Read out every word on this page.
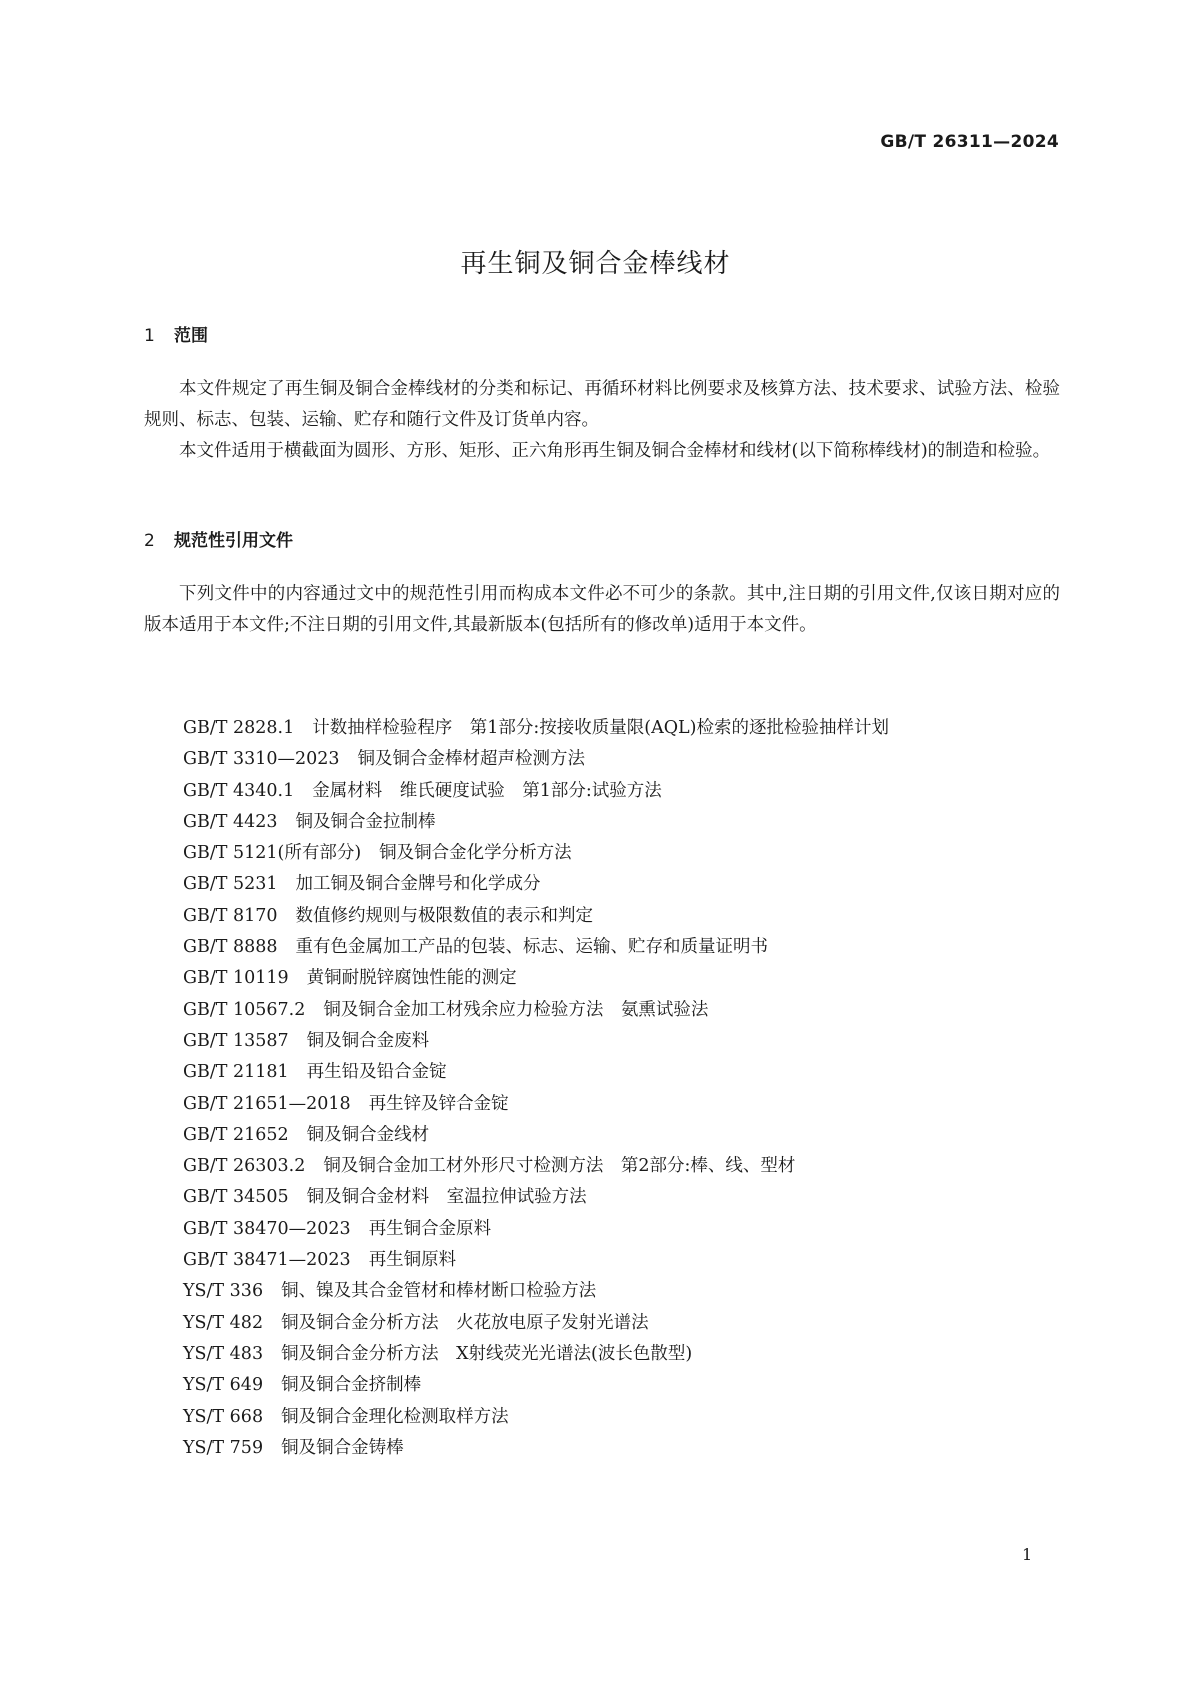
GB/T 26311—2024
再生铜及铜合金棒线材
1 范围

本文件规定了再生铜及铜合金棒线材的分类和标记、再循环材料比例要求及核算方法、技术要求、试验方法、检验规则、标志、包装、运输、贮存和随行文件及订货单内容。

本文件适用于横截面为圆形、方形、矩形、正六角形再生铜及铜合金棒材和线材(以下简称棒线材)的制造和检验。

2 规范性引用文件

下列文件中的内容通过文中的规范性引用而构成本文件必不可少的条款。其中,注日期的引用文件,仅该日期对应的版本适用于本文件;不注日期的引用文件,其最新版本(包括所有的修改单)适用于本文件。

GB/T 2828.1 计数抽样检验程序　第1部分:按接收质量限(AQL)检索的逐批检验抽样计划
GB/T 3310—2023 铜及铜合金棒材超声检测方法
GB/T 4340.1 金属材料　维氏硬度试验　第1部分:试验方法
GB/T 4423 铜及铜合金拉制棒
GB/T 5121(所有部分) 铜及铜合金化学分析方法
GB/T 5231 加工铜及铜合金牌号和化学成分
GB/T 8170 数值修约规则与极限数值的表示和判定
GB/T 8888 重有色金属加工产品的包装、标志、运输、贮存和质量证明书
GB/T 10119 黄铜耐脱锌腐蚀性能的测定
GB/T 10567.2 铜及铜合金加工材残余应力检验方法　氨熏试验法
GB/T 13587 铜及铜合金废料
GB/T 21181 再生铅及铅合金锭
GB/T 21651—2018 再生锌及锌合金锭
GB/T 21652 铜及铜合金线材
GB/T 26303.2 铜及铜合金加工材外形尺寸检测方法　第2部分:棒、线、型材
GB/T 34505 铜及铜合金材料　室温拉伸试验方法
GB/T 38470—2023 再生铜合金原料
GB/T 38471—2023 再生铜原料
YS/T 336 铜、镍及其合金管材和棒材断口检验方法
YS/T 482 铜及铜合金分析方法　火花放电原子发射光谱法
YS/T 483 铜及铜合金分析方法　X射线荧光光谱法(波长色散型)
YS/T 649 铜及铜合金挤制棒
YS/T 668 铜及铜合金理化检测取样方法
YS/T 759 铜及铜合金铸棒
1
